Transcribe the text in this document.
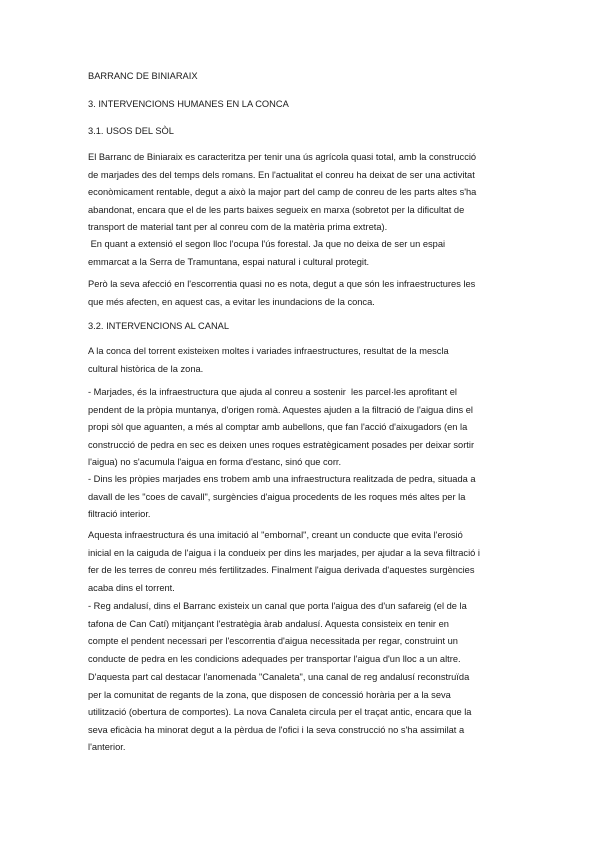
BARRANC DE BINIARAIX
3. INTERVENCIONS HUMANES EN LA CONCA
3.1. USOS DEL SÒL

El Barranc de Biniaraix es caracteritza per tenir una ús agrícola quasi total, amb la construcció

de marjades des del temps dels romans. En l'actualitat el conreu ha deixat de ser una activitat

econòmicament rentable, degut a això la major part del camp de conreu de les parts altes s'ha

abandonat, encara que el de les parts baixes segueix en marxa (sobretot per la dificultat de

transport de material tant per al conreu com de la matèria prima extreta).

En quant a extensió el segon lloc l'ocupa l'ús forestal. Ja que no deixa de ser un espai

emmarcat a la Serra de Tramuntana, espai natural i cultural protegit.

Però la seva afecció en l'escorrentia quasi no es nota, degut a que són les infraestructures les

que més afecten, en aquest cas, a evitar les inundacions de la conca.

3.2. INTERVENCIONS AL CANAL

A la conca del torrent existeixen moltes i variades infraestructures, resultat de la mescla

cultural històrica de la zona.

- Marjades, és la infraestructura que ajuda al conreu a sostenir  les parcel·les aprofitant el

pendent de la pròpia muntanya, d'origen romà. Aquestes ajuden a la filtració de l'aigua dins el

propi sòl que aguanten, a més al comptar amb aubellons, que fan l'acció d'aixugadors (en la

construcció de pedra en sec es deixen unes roques estratègicament posades per deixar sortir

l'aigua) no s'acumula l'aigua en forma d'estanc, sinó que corr.

- Dins les pròpies marjades ens trobem amb una infraestructura realitzada de pedra, situada a

davall de les "coes de cavall", surgències d'aigua procedents de les roques més altes per la

filtració interior.

Aquesta infraestructura és una imitació al "embornal", creant un conducte que evita l'erosió

inicial en la caiguda de l'aigua i la condueix per dins les marjades, per ajudar a la seva filtració i

fer de les terres de conreu més fertilitzades. Finalment l'aigua derivada d'aquestes surgències

acaba dins el torrent.

- Reg andalusí, dins el Barranc existeix un canal que porta l'aigua des d'un safareig (el de la

tafona de Can Catí) mitjançant l'estratègia àrab andalusí. Aquesta consisteix en tenir en

compte el pendent necessari per l'escorrentia d'aigua necessitada per regar, construint un

conducte de pedra en les condicions adequades per transportar l'aigua d'un lloc a un altre.

D'aquesta part cal destacar l'anomenada "Canaleta", una canal de reg andalusí reconstruïda

per la comunitat de regants de la zona, que disposen de concessió horària per a la seva

utilització (obertura de comportes). La nova Canaleta circula per el traçat antic, encara que la

seva eficàcia ha minorat degut a la pèrdua de l'ofici i la seva construcció no s'ha assimilat a

l'anterior.
